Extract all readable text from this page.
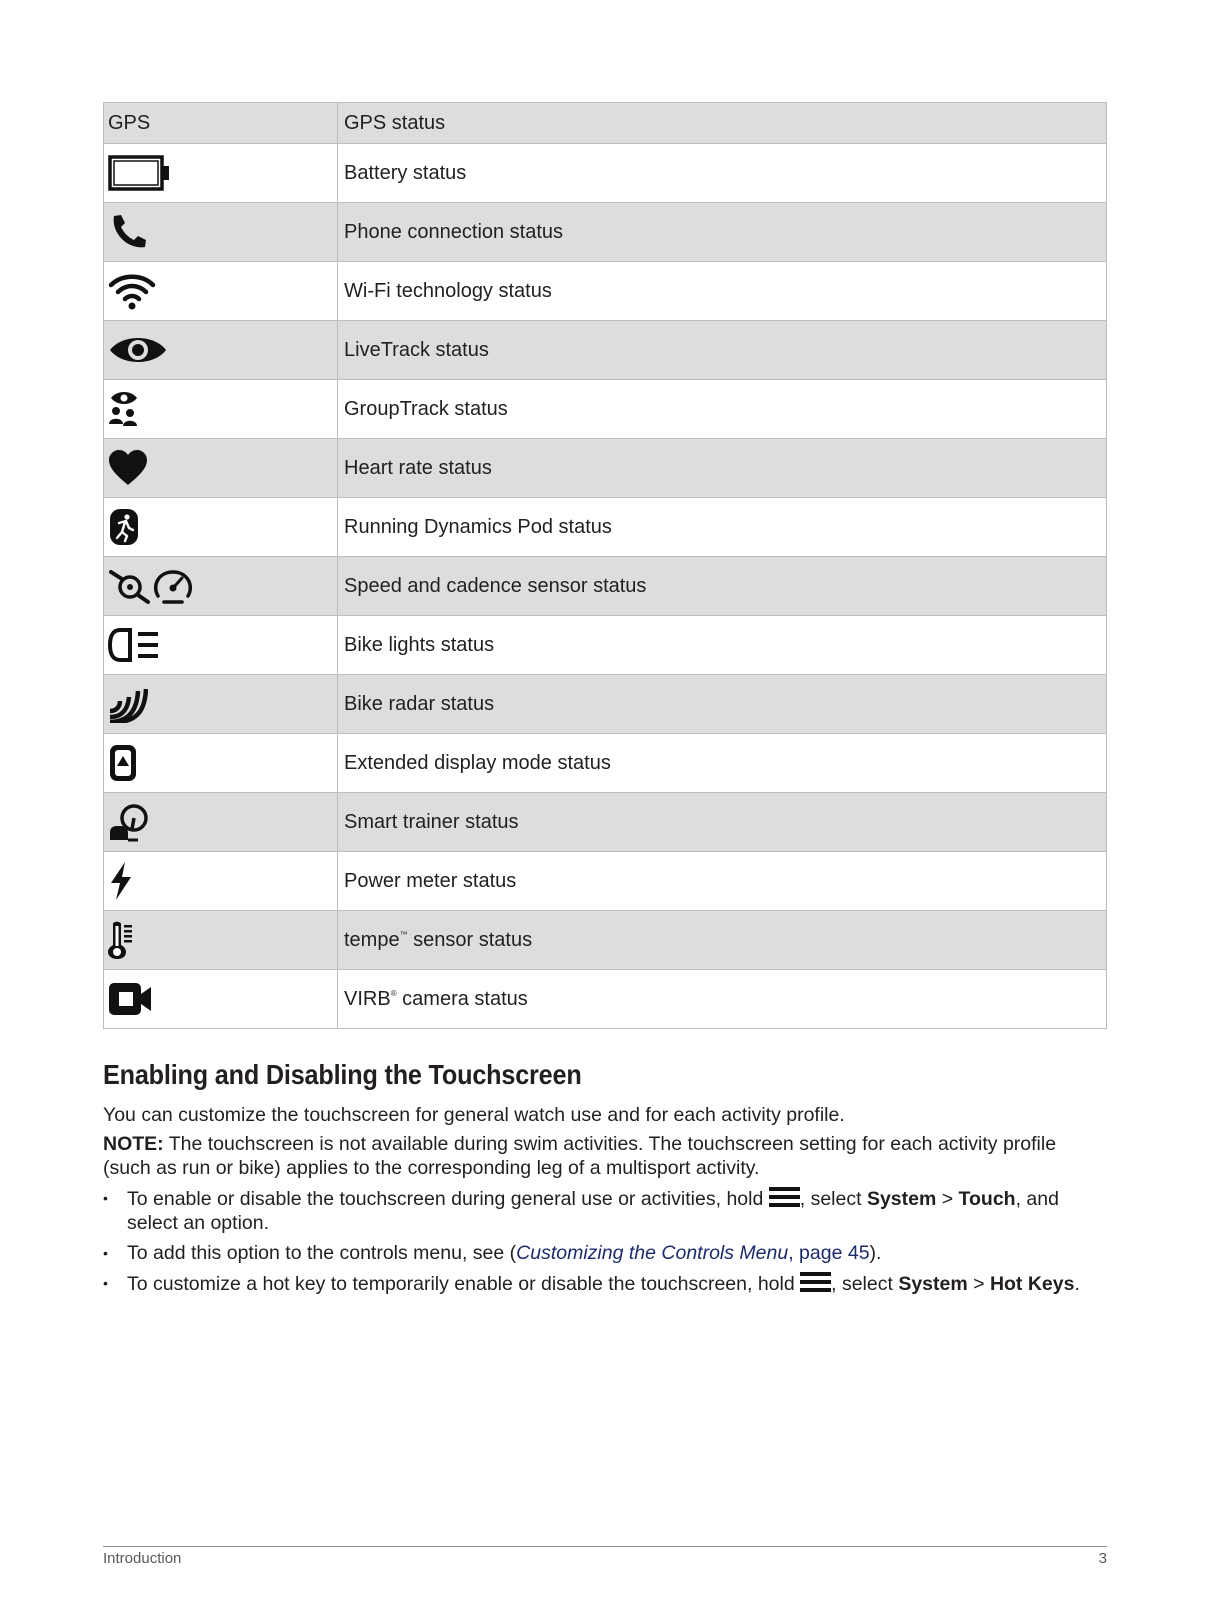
GPS	GPS status

	Battery status

	Phone connection status

	Wi-Fi technology status

	LiveTrack status

	GroupTrack status

	Heart rate status

	Running Dynamics Pod status

	Speed and cadence sensor status

	Bike lights status

	Bike radar status

	Extended display mode status

	Smart trainer status

	Power meter status

	tempe™ sensor status

	VIRB® camera status
Enabling and Disabling the Touchscreen

You can customize the touchscreen for general watch use and for each activity profile.

NOTE: The touchscreen is not available during swim activities. The touchscreen setting for each activity profile (such as run or bike) applies to the corresponding leg of a multisport activity.

• To enable or disable the touchscreen during general use or activities, hold , select System > Touch, and select an option.
• To add this option to the controls menu, see (Customizing the Controls Menu, page 45).
• To customize a hot key to temporarily enable or disable the touchscreen, hold , select System > Hot Keys.
Introduction	3
